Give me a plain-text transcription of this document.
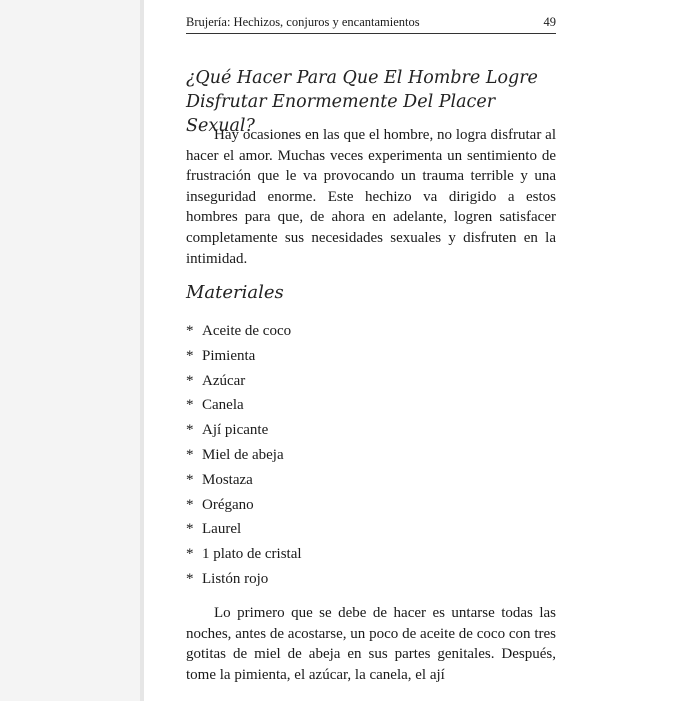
Brujería: Hechizos, conjuros y encantamientos	49
¿Qué Hacer Para Que El Hombre Logre Disfrutar Enormemente Del Placer Sexual?

Hay ocasiones en las que el hombre, no logra disfrutar al hacer el amor. Muchas veces experimenta un sentimiento de frustración que le va provocando un trauma terrible y una inseguridad enorme. Este hechizo va dirigido a estos hombres para que, de ahora en adelante, logren satisfacer completamente sus necesidades sexuales y disfruten en la intimidad.

Materiales
* Aceite de coco
* Pimienta
* Azúcar
* Canela
* Ají picante
* Miel de abeja
* Mostaza
* Orégano
* Laurel
* 1 plato de cristal
* Listón rojo

Lo primero que se debe de hacer es untarse todas las noches, antes de acostarse, un poco de aceite de coco con tres gotitas de miel de abeja en sus partes genitales. Después, tome la pimienta, el azúcar, la canela, el ají
